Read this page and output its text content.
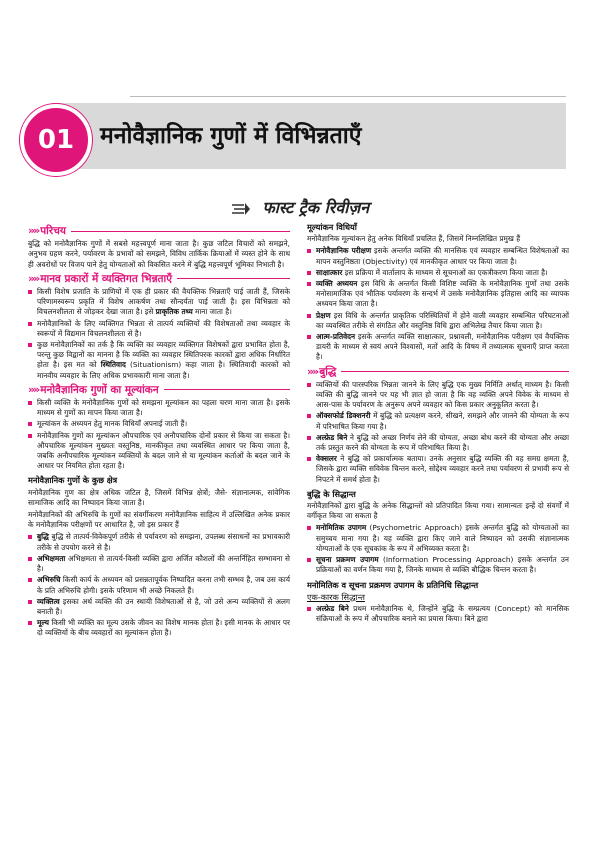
01	मनोवैज्ञानिक गुणों में विभिन्नताएँ
फास्ट ट्रैक रिवीज़न
»» परिचय

बुद्धि को मनोवैज्ञानिक गुणों में सबसे महत्त्वपूर्ण माना जाता है। कुछ जटिल विचारों को समझने, अनुभव ग्रहण करने, पर्यावरण के प्रभावों को समझने, विविध तार्किक क्रियाओं में व्यस्त होने के साथ ही अवरोधों पर विजय पाने हेतु योग्यताओं को विकसित करने में बुद्धि महत्त्वपूर्ण भूमिका निभाती है।

»» मानव प्रकारों में व्यक्तिगत भिन्नताएँ
किसी विशेष प्रजाति के प्राणियों में एक ही प्रकार की वैयक्तिक भिन्नताएँ पाई जाती हैं, जिसके परिणामस्वरूप प्रकृति में विशेष आकर्षण तथा सौन्दर्यता पाई जाती है। इस विभिन्नता को विचलनशीलता से जोड़कर देखा जाता है। इसे प्राकृतिक तथ्य माना जाता है।
मनोवैज्ञानिकों के लिए व्यक्तिगत भिन्नता से तात्पर्य व्यक्तियों की विशेषताओं तथा व्यवहार के स्वरूपों में विद्यमान विचलनशीलता से है।
कुछ मनोवैज्ञानिकों का तर्क है कि व्यक्ति का व्यवहार व्यक्तिगत विशेषकों द्वारा प्रभावित होता है, परन्तु कुछ विद्वानों का मानना है कि व्यक्ति का व्यवहार स्थितिपरक कारकों द्वारा अधिक निर्धारित होता है। इस मत को स्थितिवाद (Situationism) कहा जाता है। स्थितिवादी कारकों को मानवीय व्यवहार के लिए अधिक प्रभावकारी माना जाता है।
»» मनोवैज्ञानिक गुणों का मूल्यांकन
किसी व्यक्ति के मनोवैज्ञानिक गुणों को समझना मूल्यांकन का पहला चरण माना जाता है। इसके माध्यम से गुणों का मापन किया जाता है।
मूल्यांकन के अध्ययन हेतु मानक विधियाँ अपनाई जाती हैं।
मनोवैज्ञानिक गुणों का मूल्यांकन औपचारिक एवं अनौपचारिक दोनों प्रकार से किया जा सकता है। औपचारिक मूल्यांकन मुख्यतः वस्तुनिष्ठ, मानकीकृत तथा व्यवस्थित आधार पर किया जाता है, जबकि अनौपचारिक मूल्यांकन व्यक्तियों के बदल जाने से या मूल्यांकन कर्ताओं के बदल जाने के आधार पर नियमित होता रहता है।
मनोवैज्ञानिक गुणों के कुछ क्षेत्र

मनोवैज्ञानिक गुण का क्षेत्र अधिक जटिल है, जिसमें विभिन्न क्षेत्रों; जैसे- संज्ञानात्मक, सांवेगिक सामाजिक आदि का निष्पादन किया जाता है।

मनोवैज्ञानिकों की अभिरुचि के गुणों का संवर्गीकरण मनोवैज्ञानिक साहित्य में उल्लिखित अनेक प्रकार के मनोवैज्ञानिक परीक्षणों पर आधारित है, जो इस प्रकार हैं

बुद्धि बुद्धि से तात्पर्य-विवेकपूर्ण तरीके से पर्यावरण को समझना, उपलब्ध संसाधनों का प्रभावकारी तरीके से उपयोग करने से है।
अभिक्षमता अभिक्षमता से तात्पर्य-किसी व्यक्ति द्वारा अर्जित कौशलों की अन्तर्निहित सम्भावना से है।
अभिरुचि किसी कार्य के अध्ययन को प्रसन्नतापूर्वक निष्पादित करना तभी सम्भव है, जब उस कार्य के प्रति अभिरुचि होगी। इसके परिणाम भी अच्छे निकलते हैं।
व्यक्तित्व इसका अर्थ व्यक्ति की उन स्थायी विशेषताओं से है, जो उसे अन्य व्यक्तियों से अलग बनाती हैं।
मूल्य किसी भी व्यक्ति का मूल्य उसके जीवन का विशेष मानक होता है। इसी मानक के आधार पर दो व्यक्तियों के बीच व्यवहारों का मूल्यांकन होता है।
मूल्यांकन विधियाँ

मनोवैज्ञानिक मूल्यांकन हेतु अनेक विधियाँ प्रचलित हैं, जिसमें निम्नलिखित प्रमुख हैं

मनोवैज्ञानिक परीक्षण इसके अन्तर्गत व्यक्ति की मानसिक एवं व्यवहार सम्बन्धित विशेषताओं का मापन वस्तुनिष्ठता (Objectivity) एवं मानकीकृत आधार पर किया जाता है।
साक्षात्कार इस प्रक्रिया में वार्तालाप के माध्यम से सूचनाओं का एकत्रीकरण किया जाता है।
व्यक्ति अध्ययन इस विधि के अन्तर्गत किसी विशिष्ट व्यक्ति के मनोवैज्ञानिक गुणों तथा उसके मनोसामाजिक एवं भौतिक पर्यावरण के सन्दर्भ में उसके मनोवैज्ञानिक इतिहास आदि का व्यापक अध्ययन किया जाता है।
प्रेक्षण इस विधि के अन्तर्गत प्राकृतिक परिस्थितियों में होने वाली व्यवहार सम्बन्धित परिघटनाओं का व्यवस्थित तरीके से संगठित और वस्तुनिष्ठ विधि द्वारा अभिलेख तैयार किया जाता है।
आत्म-प्रतिवेदन इसके अन्तर्गत व्यक्ति साक्षात्कार, प्रश्नावली, मनोवैज्ञानिक परीक्षण एवं वैयक्तिक डायरी के माध्यम से स्वयं अपने विश्वासों, मतों आदि के विषय में तथ्यात्मक सूचनाएँ प्राप्त करता है।
»» बुद्धि
व्यक्तियों की पारस्परिक भिन्नता जानने के लिए बुद्धि एक मुख्य निर्मिति अर्थात् माध्यम है। किसी व्यक्ति की बुद्धि जानने पर यह भी ज्ञात हो जाता है कि वह व्यक्ति अपने विवेक के माध्यम से आस-पास के पर्यावरण के अनुरूप अपने व्यवहार को किस प्रकार अनुकूलित करता है।
ऑक्सफोर्ड डिक्शनरी में बुद्धि को प्रत्यक्षण करने, सीखने, समझने और जानने की योग्यता के रूप में परिभाषित किया गया है।
अल्फ्रेड बिने ने बुद्धि को अच्छा निर्णय लेने की योग्यता, अच्छा बोध करने की योग्यता और अच्छा तर्क प्रस्तुत करने की योग्यता के रूप में परिभाषित किया है।
वेक्सलर ने बुद्धि को प्रकार्यात्मक बताया। उनके अनुसार बुद्धि व्यक्ति की वह समग्र क्षमता है, जिसके द्वारा व्यक्ति सविवेक चिन्तन करने, सोद्देश्य व्यवहार करने तथा पर्यावरण से प्रभावी रूप से निपटने में समर्थ होता है।
बुद्धि के सिद्धान्त

मनोवैज्ञानिकों द्वारा बुद्धि के अनेक सिद्धान्तों को प्रतिपादित किया गया। सामान्यतः इन्हें दो संवर्गों में वर्गीकृत किया जा सकता है

मनोमितिक उपागम (Psychometric Approach) इसके अन्तर्गत बुद्धि को योग्यताओं का समुच्चय माना गया है। यह व्यक्ति द्वारा किए जाने वाले निष्पादन को उसकी संज्ञानात्मक योग्यताओं के एक सूचकांक के रूप में अभिव्यक्त करता है।
सूचना प्रक्रमण उपागम (Information Processing Approach) इसके अन्तर्गत उन प्रक्रियाओं का वर्णन किया गया है, जिनके माध्यम से व्यक्ति बौद्धिक चिन्तन करता है।
मनोमितिक व सूचना प्रक्रमण उपागम के प्रतिनिधि सिद्धान्त
एक-कारक सिद्धान्त
अल्फ्रेड बिने प्रथम मनोवैज्ञानिक थे, जिन्होंने बुद्धि के सम्प्रत्यय (Concept) को मानसिक संक्रियाओं के रूप में औपचारिक बनाने का प्रयास किया। बिने द्वारा
